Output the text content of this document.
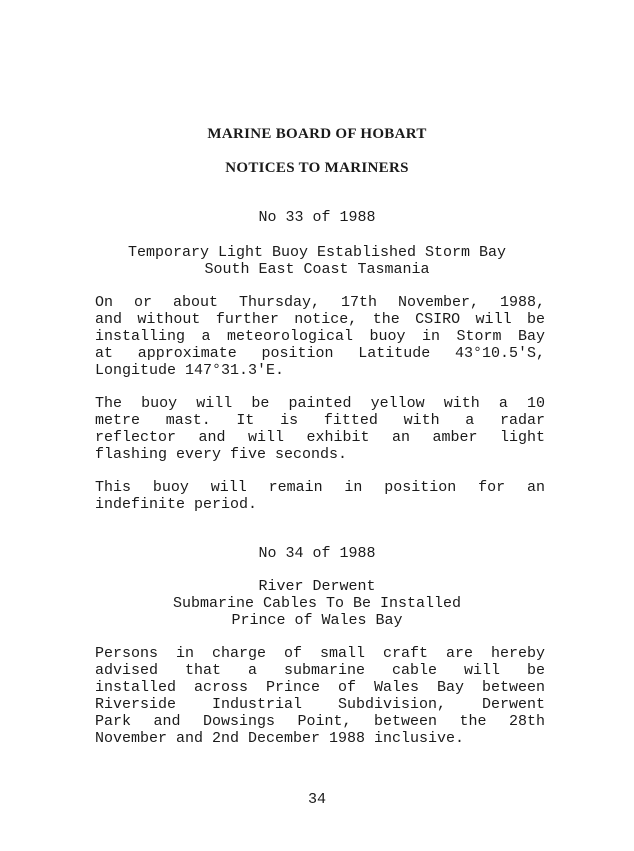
MARINE BOARD OF HOBART
NOTICES TO MARINERS
No 33 of 1988
Temporary Light Buoy Established Storm Bay
South East Coast Tasmania
On or about Thursday, 17th November, 1988,
and without further notice, the CSIRO will be
installing a meteorological buoy in Storm Bay
at approximate position Latitude 43°10.5'S,
Longitude 147°31.3'E.
The buoy will be painted yellow with a 10
metre mast. It is fitted with a radar
reflector and will exhibit an amber light
flashing every five seconds.
This buoy will remain in position for an
indefinite period.
No 34 of 1988
River Derwent
Submarine Cables To Be Installed
Prince of Wales Bay
Persons in charge of small craft are hereby
advised that a submarine cable will be
installed across Prince of Wales Bay between
Riverside Industrial Subdivision, Derwent
Park and Dowsings Point, between the 28th
November and 2nd December 1988 inclusive.
34
